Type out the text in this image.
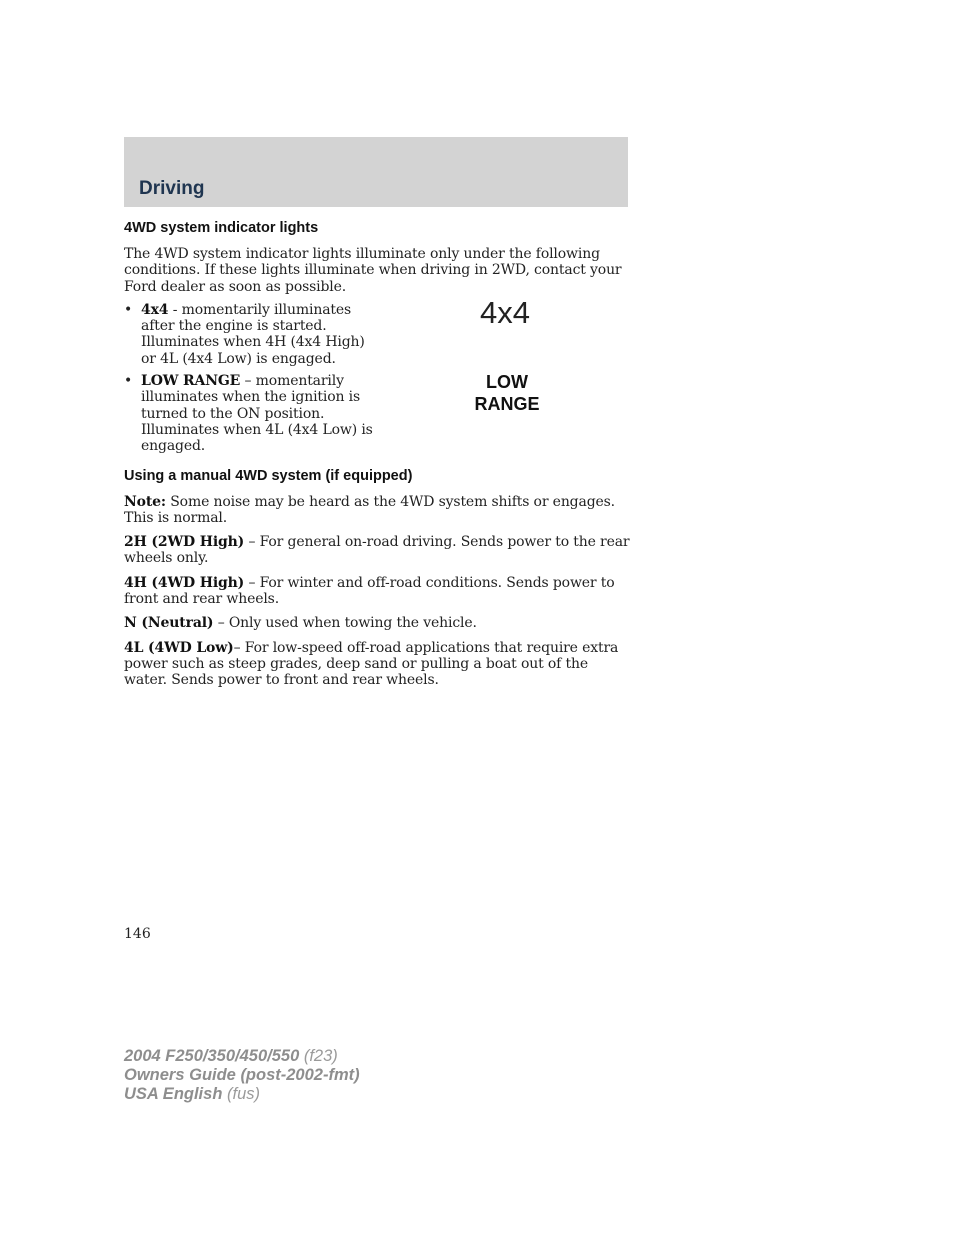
Driving
4WD system indicator lights

The 4WD system indicator lights illuminate only under the following conditions. If these lights illuminate when driving in 2WD, contact your Ford dealer as soon as possible.

• 4x4 - momentarily illuminates
after the engine is started.
Illuminates when 4H (4x4 High)
or 4L (4x4 Low) is engaged.
• LOW RANGE – momentarily
illuminates when the ignition is
turned to the ON position.
Illuminates when 4L (4x4 Low) is
engaged.
4x4
LOW
RANGE
Using a manual 4WD system (if equipped)

Note: Some noise may be heard as the 4WD system shifts or engages. This is normal.

2H (2WD High) – For general on-road driving. Sends power to the rear wheels only.

4H (4WD High) – For winter and off-road conditions. Sends power to front and rear wheels.

N (Neutral) – Only used when towing the vehicle.

4L (4WD Low)– For low-speed off-road applications that require extra power such as steep grades, deep sand or pulling a boat out of the water. Sends power to front and rear wheels.

146
2004 F250/350/450/550 (f23)
Owners Guide (post-2002-fmt)
USA English (fus)
